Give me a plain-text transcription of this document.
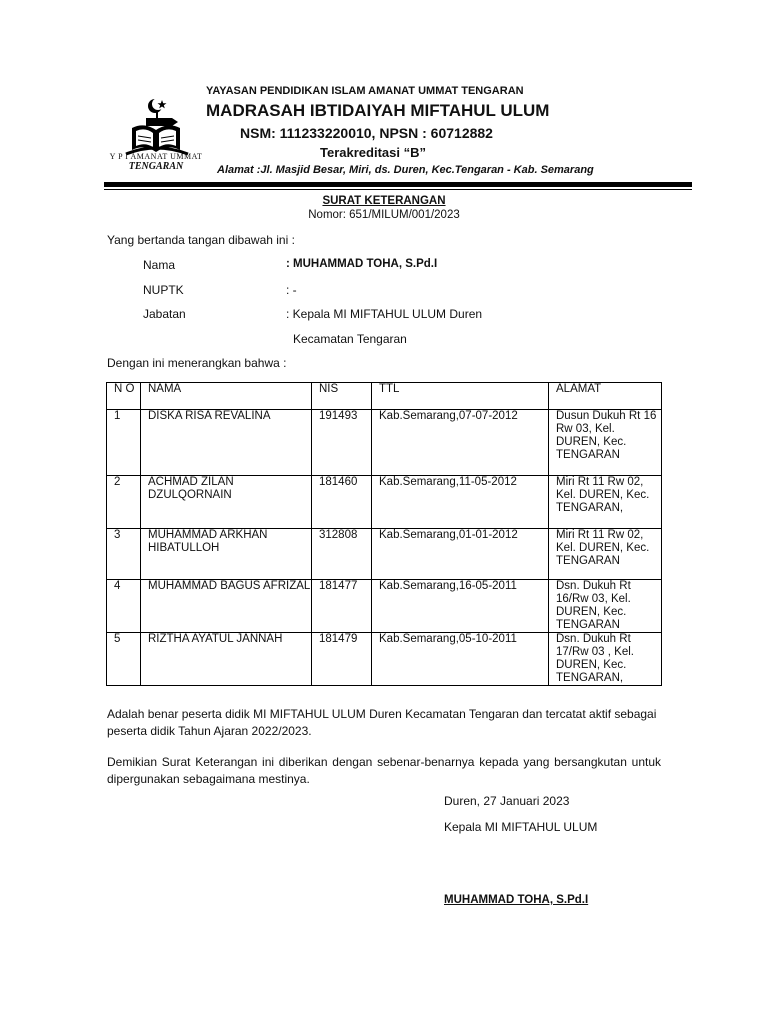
Y P I AMANAT UMMAT
TENGARAN
YAYASAN PENDIDIKAN ISLAM AMANAT UMMAT TENGARAN
MADRASAH IBTIDAIYAH MIFTAHUL ULUM
NSM: 111233220010, NPSN : 60712882
Terakreditasi “B”
Alamat :Jl. Masjid Besar, Miri, ds. Duren, Kec.Tengaran - Kab. Semarang
SURAT KETERANGAN
Nomor: 651/MILUM/001/2023
Yang bertanda tangan dibawah ini :
Nama	: MUHAMMAD TOHA, S.Pd.I
NUPTK	: -
Jabatan	: Kepala MI MIFTAHUL ULUM Duren
Kecamatan Tengaran
Dengan ini menerangkan bahwa :
N O	NAMA	NIS	TTL	ALAMAT
1	DISKA RISA REVALINA	191493	Kab.Semarang,07-07-2012	Dusun Dukuh Rt 16 Rw 03, Kel. DUREN, Kec. TENGARAN
2	ACHMAD ZILAN DZULQORNAIN	181460	Kab.Semarang,11-05-2012	Miri Rt 11 Rw 02, Kel. DUREN, Kec. TENGARAN,
3	MUHAMMAD ARKHAN HIBATULLOH	312808	Kab.Semarang,01-01-2012	Miri Rt 11 Rw 02, Kel. DUREN, Kec. TENGARAN
4	MUHAMMAD BAGUS AFRIZAL	181477	Kab.Semarang,16-05-2011	Dsn. Dukuh Rt 16/Rw 03, Kel. DUREN, Kec. TENGARAN
5	RIZTHA AYATUL JANNAH	181479	Kab.Semarang,05-10-2011	Dsn. Dukuh Rt 17/Rw 03 , Kel. DUREN, Kec. TENGARAN,
Adalah benar peserta didik MI MIFTAHUL ULUM Duren Kecamatan Tengaran dan tercatat aktif sebagai peserta didik Tahun Ajaran 2022/2023.
Demikian Surat Keterangan ini diberikan dengan sebenar-benarnya kepada yang bersangkutan untuk dipergunakan sebagaimana mestinya.
Duren, 27 Januari 2023
Kepala MI MIFTAHUL ULUM
MUHAMMAD TOHA, S.Pd.I
